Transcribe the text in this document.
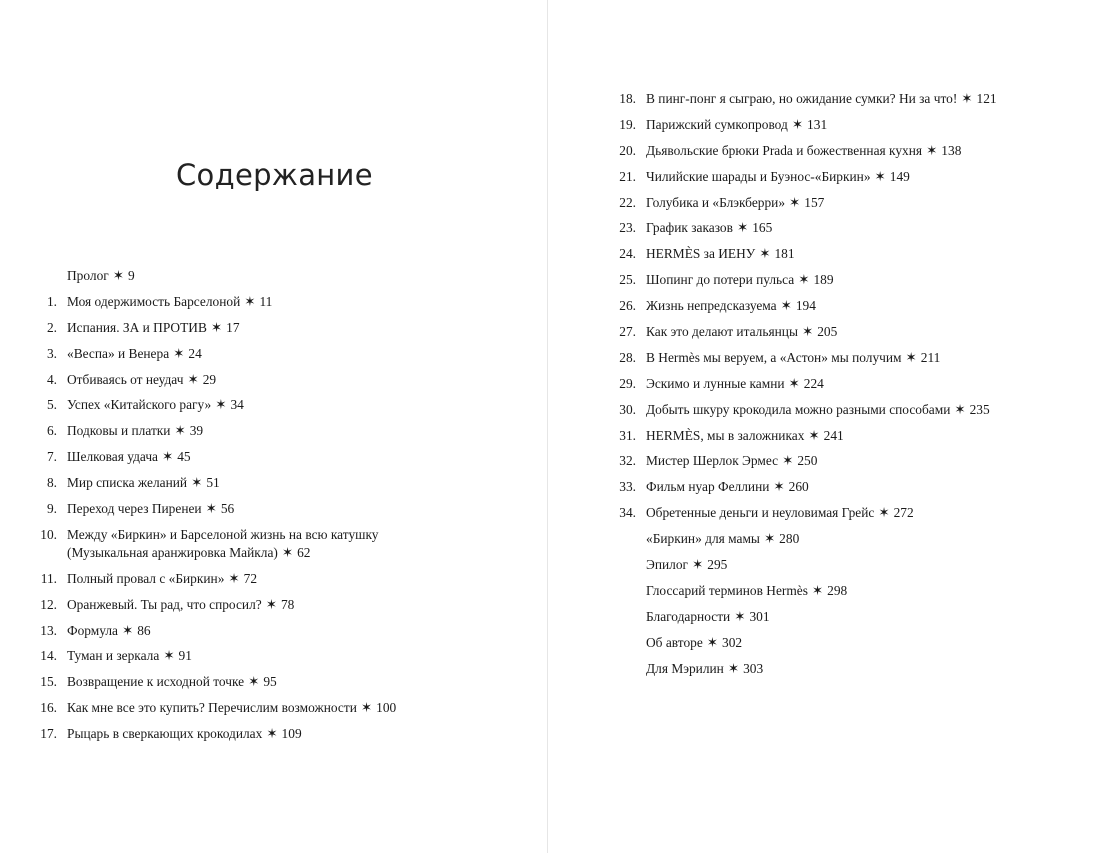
Содержание
Пролог ✶ 9
1. Моя одержимость Барселоной ✶ 11
2. Испания. ЗА и ПРОТИВ ✶ 17
3. «Веспа» и Венера ✶ 24
4. Отбиваясь от неудач ✶ 29
5. Успех «Китайского рагу» ✶ 34
6. Подковы и платки ✶ 39
7. Шелковая удача ✶ 45
8. Мир списка желаний ✶ 51
9. Переход через Пиренеи ✶ 56
10. Между «Биркин» и Барселоной жизнь на всю катушку
(Музыкальная аранжировка Майкла) ✶ 62
11. Полный провал с «Биркин» ✶ 72
12. Оранжевый. Ты рад, что спросил? ✶ 78
13. Формула ✶ 86
14. Туман и зеркала ✶ 91
15. Возвращение к исходной точке ✶ 95
16. Как мне все это купить? Перечислим возможности ✶ 100
17. Рыцарь в сверкающих крокодилах ✶ 109
18. В пинг-понг я сыграю, но ожидание сумки? Ни за что! ✶ 121
19. Парижский сумкопровод ✶ 131
20. Дьявольские брюки Prada и божественная кухня ✶ 138
21. Чилийские шарады и Буэнос-«Биркин» ✶ 149
22. Голубика и «Блэкберри» ✶ 157
23. График заказов ✶ 165
24. HERMÈS за ИЕНУ ✶ 181
25. Шопинг до потери пульса ✶ 189
26. Жизнь непредсказуема ✶ 194
27. Как это делают итальянцы ✶ 205
28. В Hermès мы веруем, а «Астон» мы получим ✶ 211
29. Эскимо и лунные камни ✶ 224
30. Добыть шкуру крокодила можно разными способами ✶ 235
31. HERMÈS, мы в заложниках ✶ 241
32. Мистер Шерлок Эрмес ✶ 250
33. Фильм нуар Феллини ✶ 260
34. Обретенные деньги и неуловимая Грейс ✶ 272
«Биркин» для мамы ✶ 280
Эпилог ✶ 295
Глоссарий терминов Hermès ✶ 298
Благодарности ✶ 301
Об авторе ✶ 302
Для Мэрилин ✶ 303
